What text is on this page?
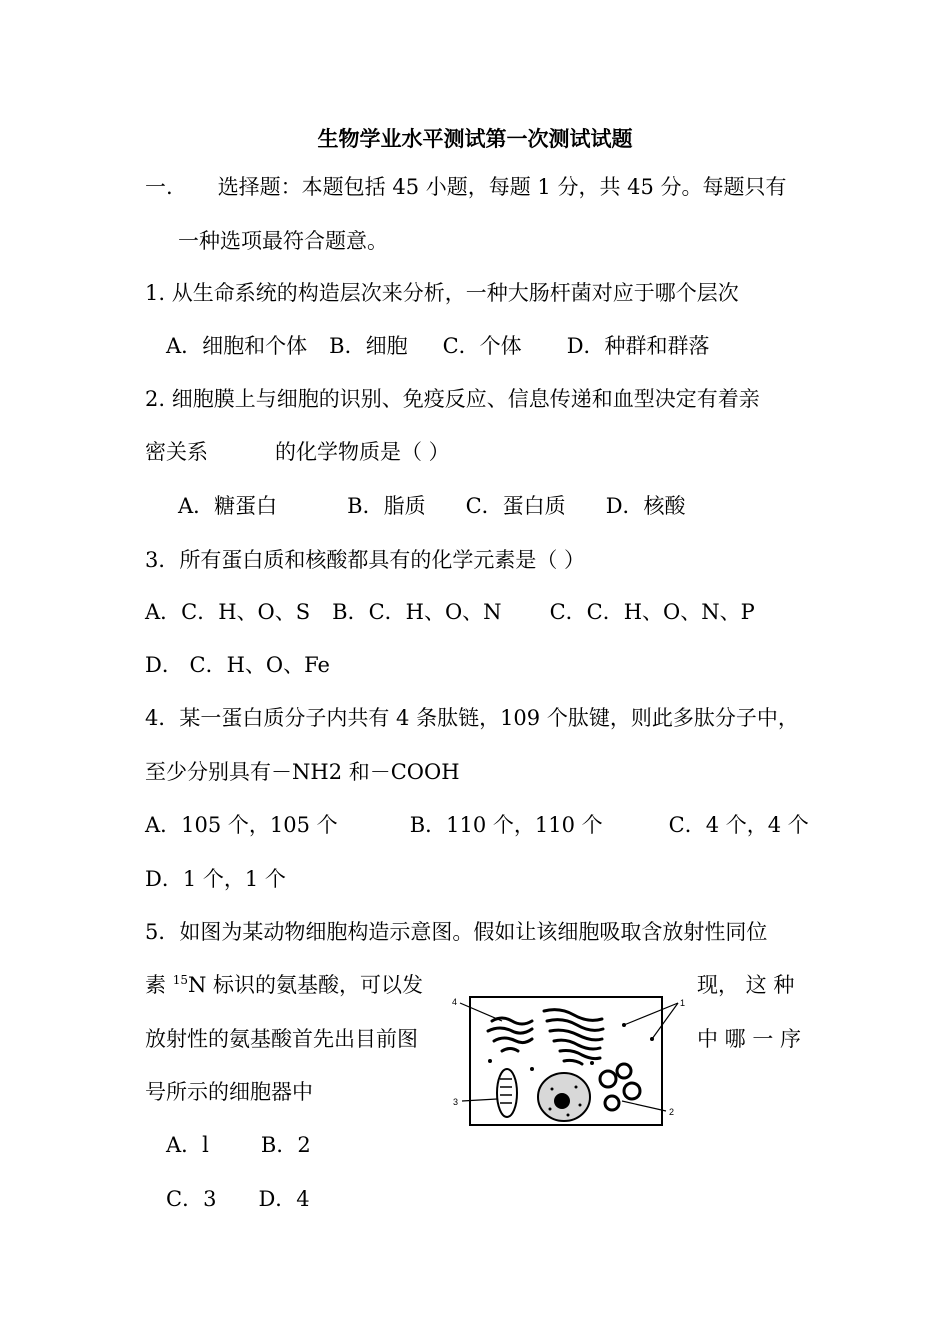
生物学业水平测试第一次测试试题
一. 选择题：本题包括 45 小题，每题 1 分，共 45 分。每题只有
一种选项最符合题意。
1. 从生命系统的构造层次来分析，一种大肠杆菌对应于哪个层次
A．细胞和个体 B．细胞 C．个体 D．种群和群落
2. 细胞膜上与细胞的识别、免疫反应、信息传递和血型决定有着亲
密关系	的化学物质是（ ）
A．糖蛋白	B．脂质 C．蛋白质 D．核酸
3．所有蛋白质和核酸都具有的化学元素是（ ）
A．C．H、O、S B．C．H、O、N C．C．H、O、N、P
D． C．H、O、Fe
4．某一蛋白质分子内共有 4 条肽链，109 个肽键，则此多肽分子中，
至少分别具有－NH2 和－COOH
A．105 个，105 个	B．110 个，110 个	C．4 个，4 个
D．1 个，1 个
5．如图为某动物细胞构造示意图。假如让该细胞吸取含放射性同位
素 $^{15}$N 标识的氨基酸，可以发	现， 这 种
放射性的氨基酸首先出目前图	中 哪 一 序
号所示的细胞器中
A．l B．2
C．3 D．4
4	1
3
2
